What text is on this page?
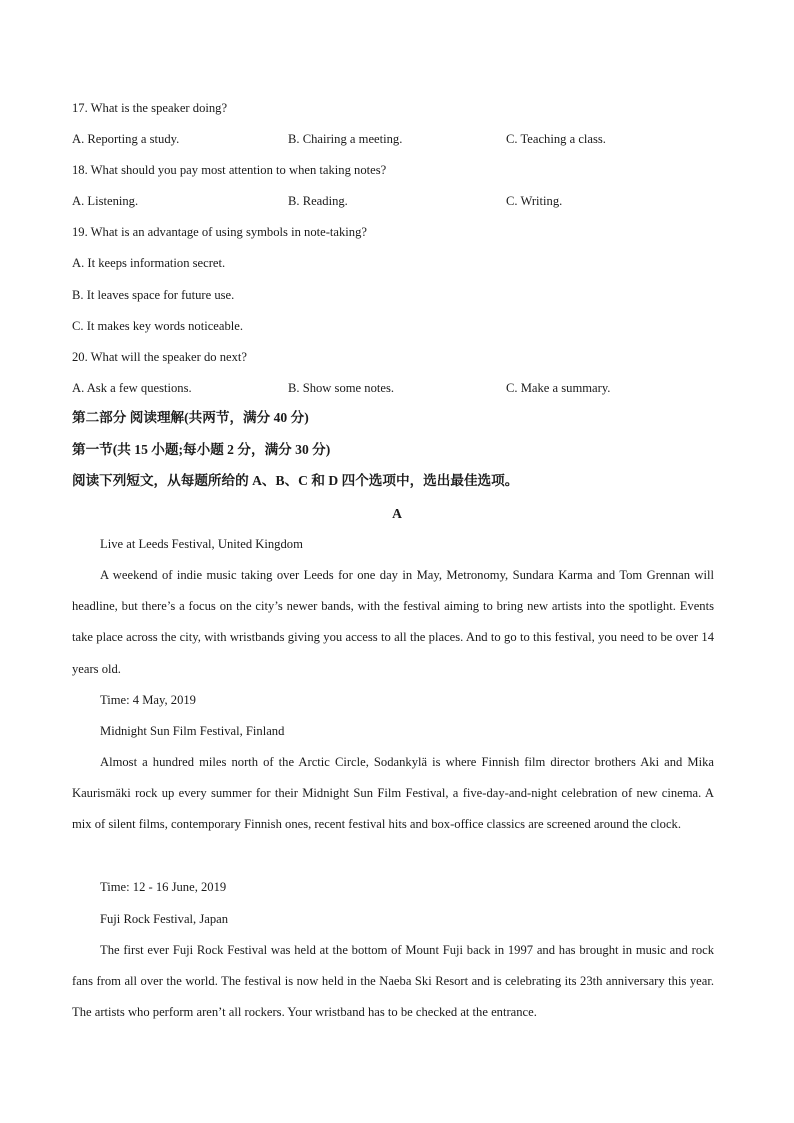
17. What is the speaker doing?
A. Reporting a study.	B. Chairing a meeting.	C. Teaching a class.
18. What should you pay most attention to when taking notes?
A. Listening.	B. Reading.	C. Writing.
19. What is an advantage of using symbols in note-taking?
A. It keeps information secret.
B. It leaves space for future use.
C. It makes key words noticeable.
20. What will the speaker do next?
A. Ask a few questions.	B. Show some notes.	C. Make a summary.
第二部分 阅读理解(共两节，满分 40 分)
第一节(共 15 小题;每小题 2 分，满分 30 分)
阅读下列短文，从每题所给的 A、B、C 和 D 四个选项中，选出最佳选项。
A
Live at Leeds Festival, United Kingdom
A weekend of indie music taking over Leeds for one day in May, Metronomy, Sundara Karma and Tom Grennan will headline, but there’s a focus on the city’s newer bands, with the festival aiming to bring new artists into the spotlight. Events take place across the city, with wristbands giving you access to all the places. And to go to this festival, you need to be over 14 years old.
Time: 4 May, 2019
Midnight Sun Film Festival, Finland
Almost a hundred miles north of the Arctic Circle, Sodankylä is where Finnish film director brothers Aki and Mika Kaurismäki rock up every summer for their Midnight Sun Film Festival, a five-day-and-night celebration of new cinema. A mix of silent films, contemporary Finnish ones, recent festival hits and box-office classics are screened around the clock.
Time: 12 - 16 June, 2019
Fuji Rock Festival, Japan
The first ever Fuji Rock Festival was held at the bottom of Mount Fuji back in 1997 and has brought in music and rock fans from all over the world. The festival is now held in the Naeba Ski Resort and is celebrating its 23th anniversary this year. The artists who perform aren’t all rockers. Your wristband has to be checked at the entrance.
